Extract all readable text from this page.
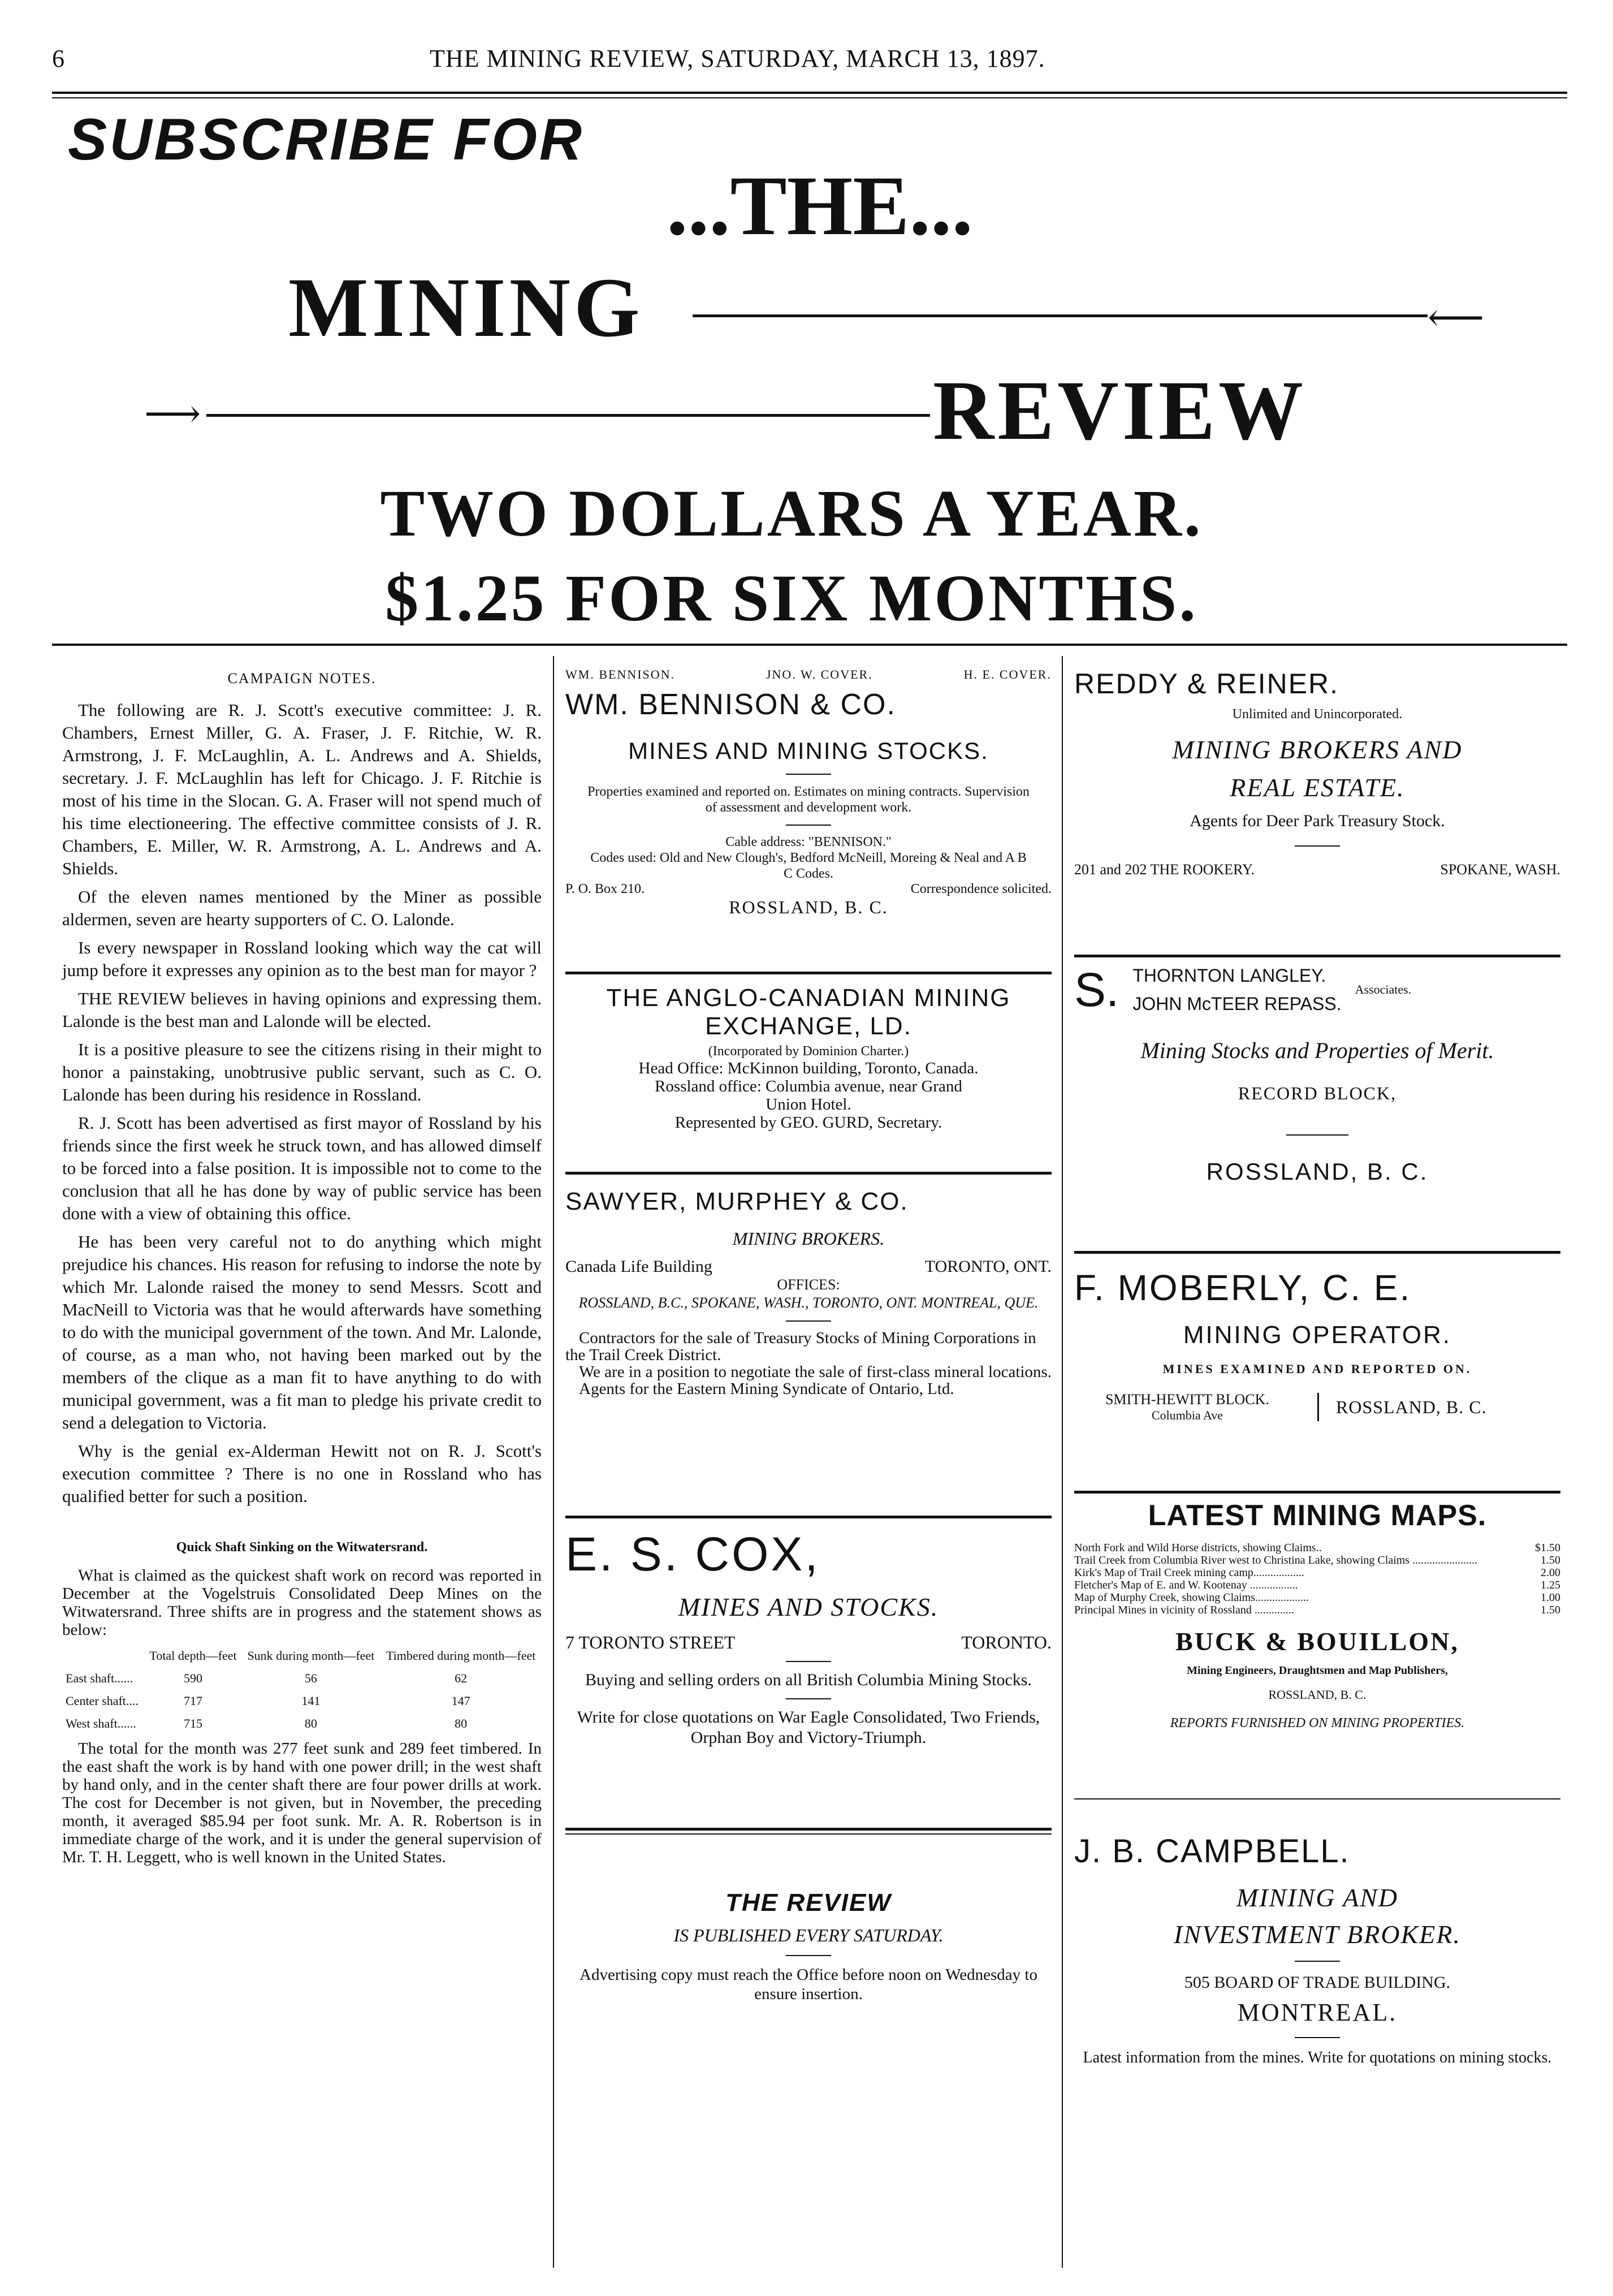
6	THE MINING REVIEW, SATURDAY, MARCH 13, 1897.
SUBSCRIBE FOR
...THE...
MINING	⟵
⟶	REVIEW
TWO DOLLARS A YEAR.
$1.25 FOR SIX MONTHS.
CAMPAIGN NOTES.

The following are R. J. Scott's executive committee: J. R. Chambers, Ernest Miller, G. A. Fraser, J. F. Ritchie, W. R. Armstrong, J. F. McLaughlin, A. L. Andrews and A. Shields, secretary. J. F. McLaughlin has left for Chicago. J. F. Ritchie is most of his time in the Slocan. G. A. Fraser will not spend much of his time electioneering. The effective committee consists of J. R. Chambers, E. Miller, W. R. Armstrong, A. L. Andrews and A. Shields.

Of the eleven names mentioned by the Miner as possible aldermen, seven are hearty supporters of C. O. Lalonde.

Is every newspaper in Rossland looking which way the cat will jump before it expresses any opinion as to the best man for mayor ?

THE REVIEW believes in having opinions and expressing them. Lalonde is the best man and Lalonde will be elected.

It is a positive pleasure to see the citizens rising in their might to honor a painstaking, unobtrusive public servant, such as C. O. Lalonde has been during his residence in Rossland.

R. J. Scott has been advertised as first mayor of Rossland by his friends since the first week he struck town, and has allowed dimself to be forced into a false position. It is impossible not to come to the conclusion that all he has done by way of public service has been done with a view of obtaining this office.

He has been very careful not to do anything which might prejudice his chances. His reason for refusing to indorse the note by which Mr. Lalonde raised the money to send Messrs. Scott and MacNeill to Victoria was that he would afterwards have something to do with the municipal government of the town. And Mr. Lalonde, of course, as a man who, not having been marked out by the members of the clique as a man fit to have anything to do with municipal government, was a fit man to pledge his private credit to send a delegation to Victoria.

Why is the genial ex-Alderman Hewitt not on R. J. Scott's execution committee ? There is no one in Rossland who has qualified better for such a position.

Quick Shaft Sinking on the Witwatersrand.

What is claimed as the quickest shaft work on record was reported in December at the Vogelstruis Consolidated Deep Mines on the Witwatersrand. Three shifts are in progress and the statement shows as below:

	Total depth—feet	Sunk during month—feet	Timbered during month—feet
East shaft......	590	56	62
Center shaft....	717	141	147
West shaft......	715	80	80

The total for the month was 277 feet sunk and 289 feet timbered. In the east shaft the work is by hand with one power drill; in the west shaft by hand only, and in the center shaft there are four power drills at work. The cost for December is not given, but in November, the preceding month, it averaged $85.94 per foot sunk. Mr. A. R. Robertson is in immediate charge of the work, and it is under the general supervision of Mr. T. H. Leggett, who is well known in the United States.

WM. BENNISON.	JNO. W. COVER.	H. E. COVER.
WM. BENNISON & CO.
MINES AND MINING STOCKS.
Properties examined and reported on. Estimates on mining contracts. Supervision of assessment and development work.
Cable address: "BENNISON."
Codes used: Old and New Clough's, Bedford McNeill, Moreing & Neal and A B C Codes.
P. O. Box 210.	Correspondence solicited.
ROSSLAND, B. C.
THE ANGLO-CANADIAN MINING EXCHANGE, LD.
(Incorporated by Dominion Charter.)
Head Office: McKinnon building, Toronto, Canada.
Rossland office: Columbia avenue, near Grand Union Hotel.
Represented by GEO. GURD, Secretary.
SAWYER, MURPHEY & CO.
MINING BROKERS.
Canada Life Building	TORONTO, ONT.
OFFICES:
ROSSLAND, B.C., SPOKANE, WASH., TORONTO, ONT. MONTREAL, QUE.
Contractors for the sale of Treasury Stocks of Mining Corporations in the Trail Creek District.
We are in a position to negotiate the sale of first-class mineral locations.
Agents for the Eastern Mining Syndicate of Ontario, Ltd.
E. S. COX,
MINES AND STOCKS.
7 TORONTO STREET	TORONTO.
Buying and selling orders on all British Columbia Mining Stocks.
Write for close quotations on War Eagle Consolidated, Two Friends, Orphan Boy and Victory-Triumph.
THE REVIEW
IS PUBLISHED EVERY SATURDAY.
Advertising copy must reach the Office before noon on Wednesday to ensure insertion.
REDDY & REINER.
Unlimited and Unincorporated.
MINING BROKERS AND
REAL ESTATE.
Agents for Deer Park Treasury Stock.
201 and 202 THE ROOKERY.	SPOKANE, WASH.
S. THORNTON LANGLEY.
JOHN McTEER REPASS.
Associates.
Mining Stocks and Properties of Merit.
RECORD BLOCK,
ROSSLAND, B. C.
F. MOBERLY, C. E.
MINING OPERATOR.
MINES EXAMINED AND REPORTED ON.
SMITH-HEWITT BLOCK.
Columbia Ave	ROSSLAND, B. C.
LATEST MINING MAPS.
North Fork and Wild Horse districts, showing Claims..	$1.50
Trail Creek from Columbia River west to Christina Lake, showing Claims .......................	1.50
Kirk's Map of Trail Creek mining camp..................	2.00
Fletcher's Map of E. and W. Kootenay .................	1.25
Map of Murphy Creek, showing Claims...................	1.00
Principal Mines in vicinity of Rossland ..............	1.50
BUCK & BOUILLON,
Mining Engineers, Draughtsmen and Map Publishers,
ROSSLAND, B. C.
REPORTS FURNISHED ON MINING PROPERTIES.
J. B. CAMPBELL.
MINING AND
INVESTMENT BROKER.
505 BOARD OF TRADE BUILDING.
MONTREAL.
Latest information from the mines. Write for quotations on mining stocks.
